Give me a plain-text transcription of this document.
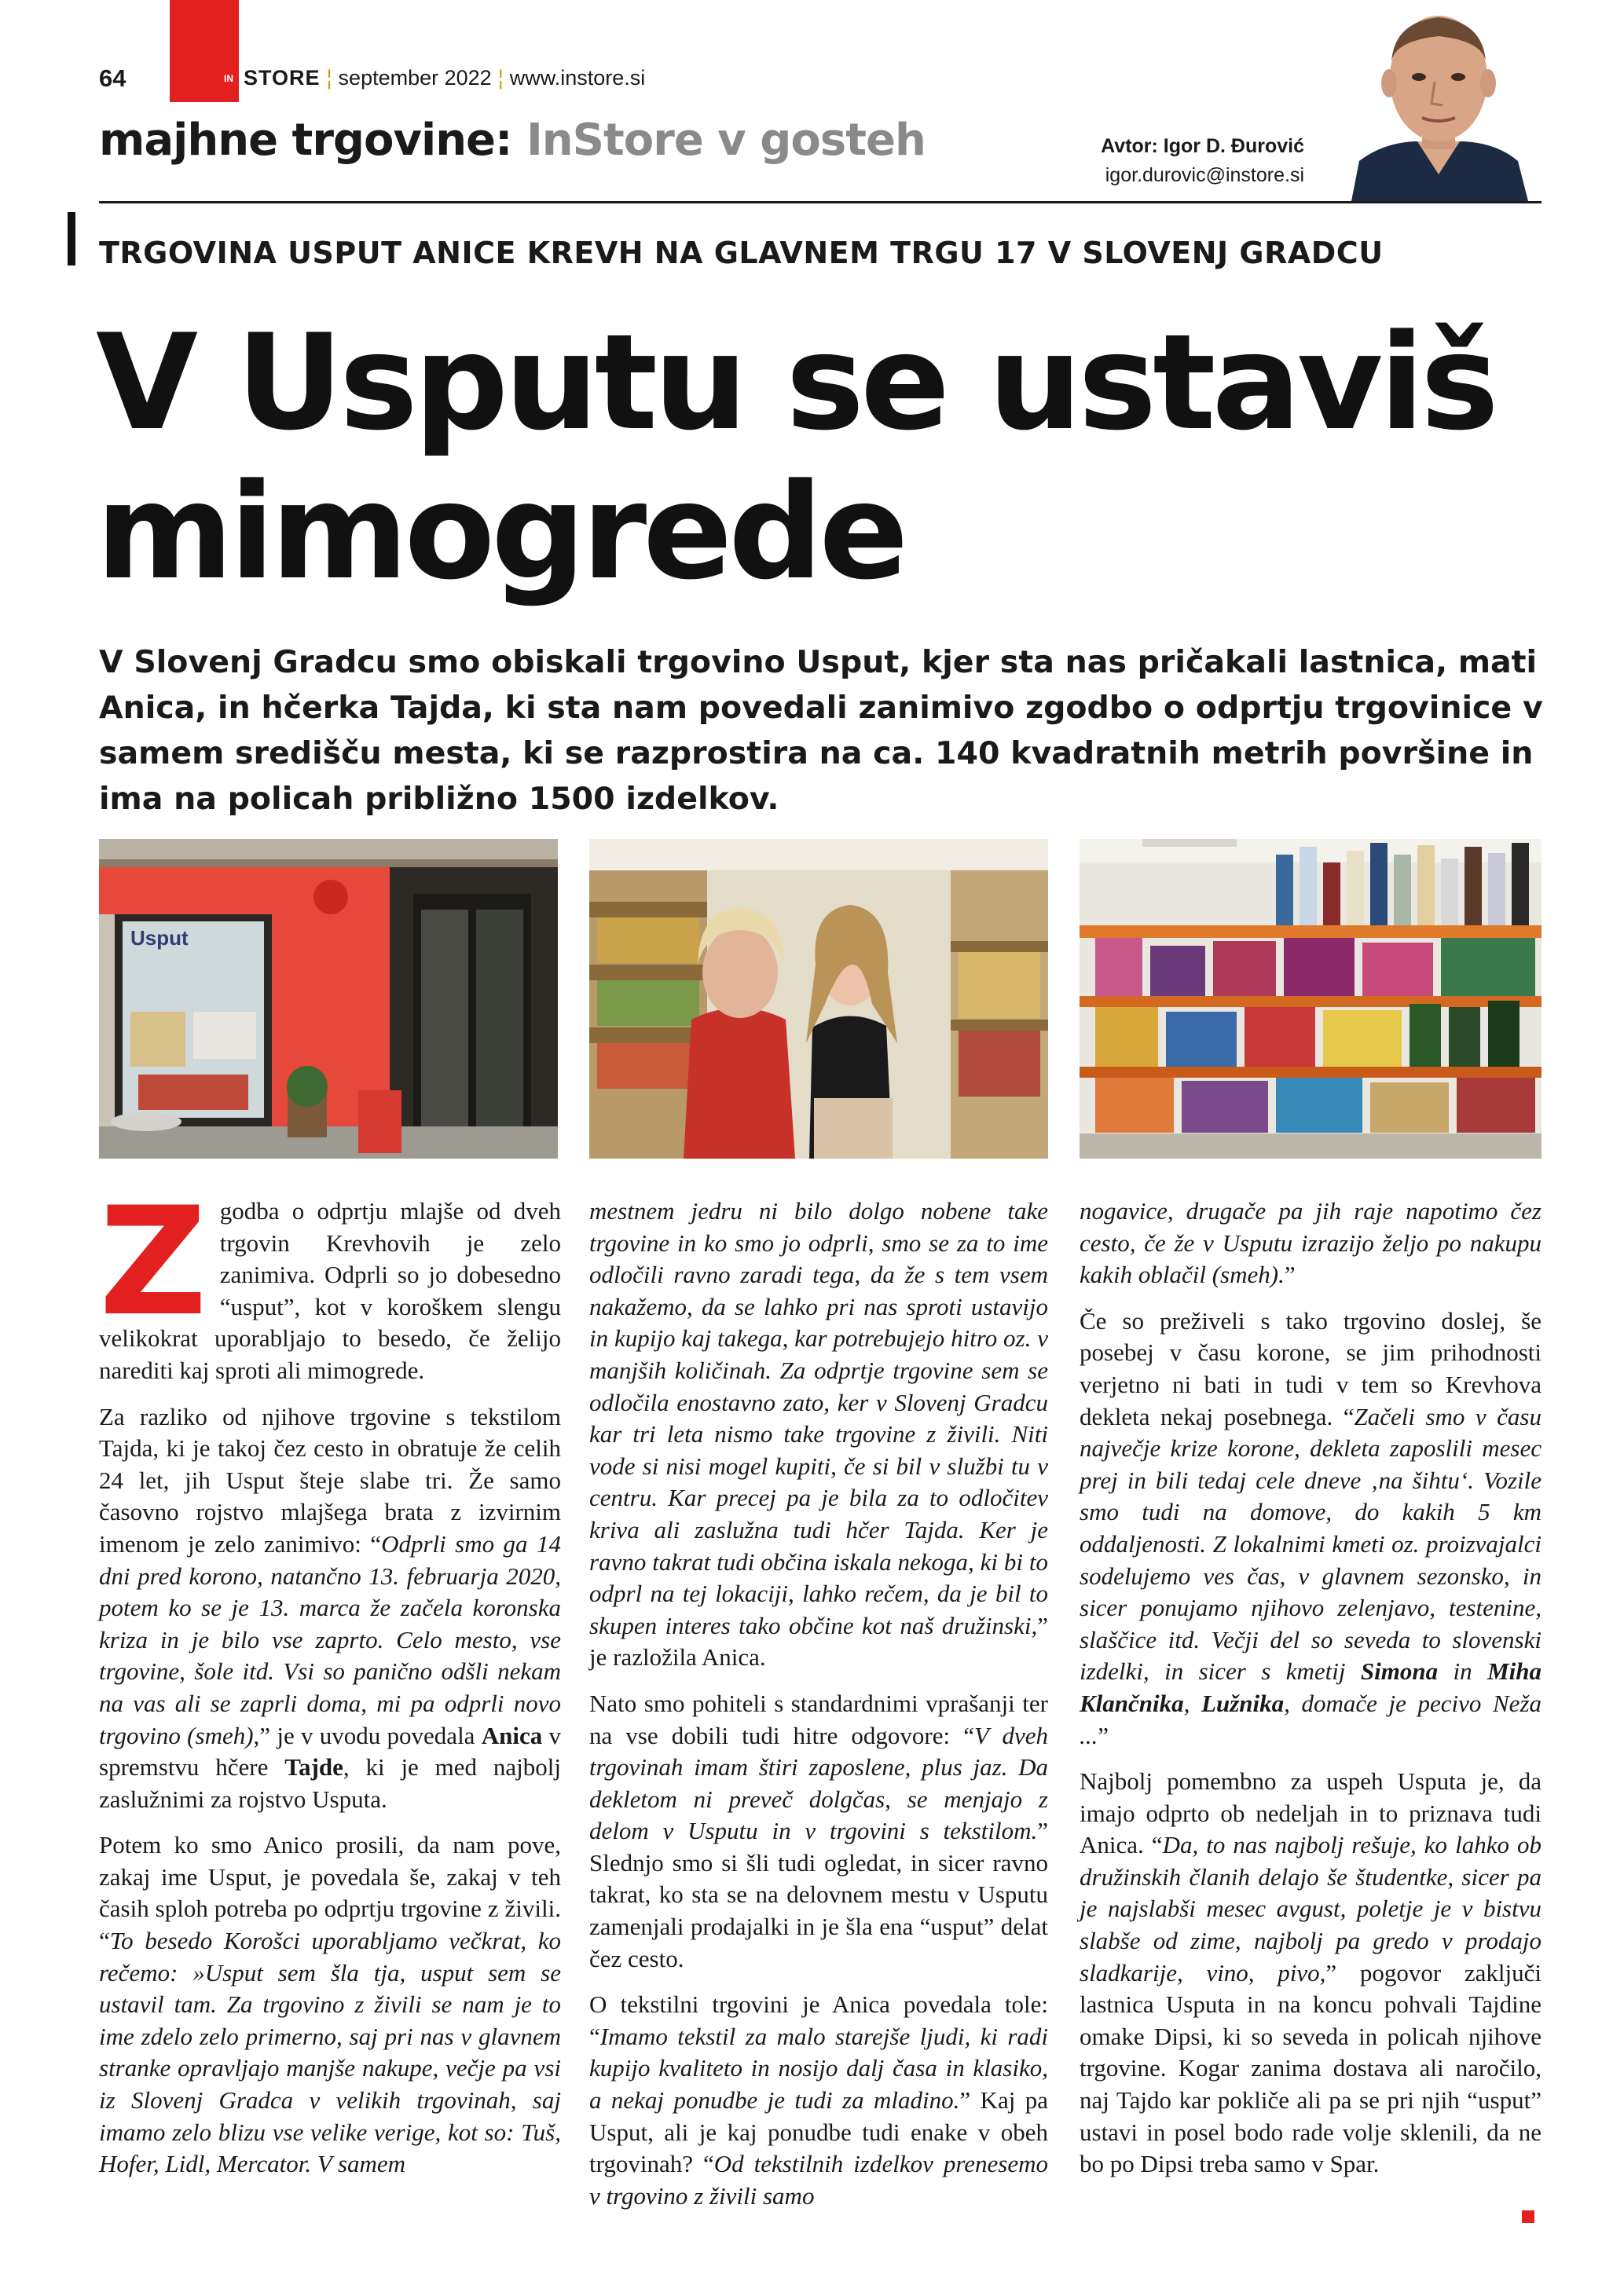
64	IN STORE ¦ september 2022 ¦ www.instore.si
majhne trgovine: InStore v gosteh	Avtor: Igor D. Đurović
igor.durovic@instore.si
TRGOVINA USPUT ANICE KREVH NA GLAVNEM TRGU 17 V SLOVENJ GRADCU
V Usputu se ustaviš
mimogrede
V Slovenj Gradcu smo obiskali trgovino Usput, kjer sta nas pričakali lastnica, mati Anica, in hčerka Tajda, ki sta nam povedali zanimivo zgodbo o odprtju trgovinice v samem središču mesta, ki se razprostira na ca. 140 kvadratnih metrih površine in ima na policah približno 1500 izdelkov.
Usput

Zgodba o odprtju mlajše od dveh trgovin Krevhovih je zelo zanimiva. Odprli so jo dobesedno “usput”, kot v koroškem slengu velikokrat uporabljajo to besedo, če želijo narediti kaj sproti ali mimogrede.

Za razliko od njihove trgovine s tekstilom Tajda, ki je takoj čez cesto in obratuje že celih 24 let, jih Usput šteje slabe tri. Že samo časovno rojstvo mlajšega brata z izvirnim imenom je zelo zanimivo: “Odprli smo ga 14 dni pred korono, natančno 13. februarja 2020, potem ko se je 13. marca že začela koronska kriza in je bilo vse zaprto. Celo mesto, vse trgovine, šole itd. Vsi so panično odšli nekam na vas ali se zaprli doma, mi pa odprli novo trgovino (smeh),” je v uvodu povedala Anica v spremstvu hčere Tajde, ki je med najbolj zaslužnimi za rojstvo Usputa.

Potem ko smo Anico prosili, da nam pove, zakaj ime Usput, je povedala še, zakaj v teh časih sploh potreba po odprtju trgovine z živili. “To besedo Korošci uporabljamo večkrat, ko rečemo: »Usput sem šla tja, usput sem se ustavil tam. Za trgovino z živili se nam je to ime zdelo zelo primerno, saj pri nas v glavnem stranke opravljajo manjše nakupe, večje pa vsi iz Slovenj Gradca v velikih trgovinah, saj imamo zelo blizu vse velike verige, kot so: Tuš, Hofer, Lidl, Mercator. V samem

mestnem jedru ni bilo dolgo nobene take trgovine in ko smo jo odprli, smo se za to ime odločili ravno zaradi tega, da že s tem vsem nakažemo, da se lahko pri nas sproti ustavijo in kupijo kaj takega, kar potrebujejo hitro oz. v manjših količinah. Za odprtje trgovine sem se odločila enostavno zato, ker v Slovenj Gradcu kar tri leta nismo take trgovine z živili. Niti vode si nisi mogel kupiti, če si bil v službi tu v centru. Kar precej pa je bila za to odločitev kriva ali zaslužna tudi hčer Tajda. Ker je ravno takrat tudi občina iskala nekoga, ki bi to odprl na tej lokaciji, lahko rečem, da je bil to skupen interes tako občine kot naš družinski,” je razložila Anica.

Nato smo pohiteli s standardnimi vprašanji ter na vse dobili tudi hitre odgovore: “V dveh trgovinah imam štiri zaposlene, plus jaz. Da dekletom ni preveč dolgčas, se menjajo z delom v Usputu in v trgovini s tekstilom.” Slednjo smo si šli tudi ogledat, in sicer ravno takrat, ko sta se na delovnem mestu v Usputu zamenjali prodajalki in je šla ena “usput” delat čez cesto.

O tekstilni trgovini je Anica povedala tole: “Imamo tekstil za malo starejše ljudi, ki radi kupijo kvaliteto in nosijo dalj časa in klasiko, a nekaj ponudbe je tudi za mladino.” Kaj pa Usput, ali je kaj ponudbe tudi enake v obeh trgovinah? “Od tekstilnih izdelkov prenesemo v trgovino z živili samo

nogavice, drugače pa jih raje napotimo čez cesto, če že v Usputu izrazijo željo po nakupu kakih oblačil (smeh).”

Če so preživeli s tako trgovino doslej, še posebej v času korone, se jim prihodnosti verjetno ni bati in tudi v tem so Krevhova dekleta nekaj posebnega. “Začeli smo v času največje krize korone, dekleta zaposlili mesec prej in bili tedaj cele dneve ‚na šihtu‘. Vozile smo tudi na domove, do kakih 5 km oddaljenosti. Z lokalnimi kmeti oz. proizvajalci sodelujemo ves čas, v glavnem sezonsko, in sicer ponujamo njihovo zelenjavo, testenine, slaščice itd. Večji del so seveda to slovenski izdelki, in sicer s kmetij Simona in Miha Klančnika, Lužnika, domače je pecivo Neža ...”

Najbolj pomembno za uspeh Usputa je, da imajo odprto ob nedeljah in to priznava tudi Anica. “Da, to nas najbolj rešuje, ko lahko ob družinskih članih delajo še študentke, sicer pa je najslabši mesec avgust, poletje je v bistvu slabše od zime, najbolj pa gredo v prodajo sladkarije, vino, pivo,” pogovor zaključi lastnica Usputa in na koncu pohvali Tajdine omake Dipsi, ki so seveda in policah njihove trgovine. Kogar zanima dostava ali naročilo, naj Tajdo kar pokliče ali pa se pri njih “usput” ustavi in posel bodo rade volje sklenili, da ne bo po Dipsi treba samo v Spar.
